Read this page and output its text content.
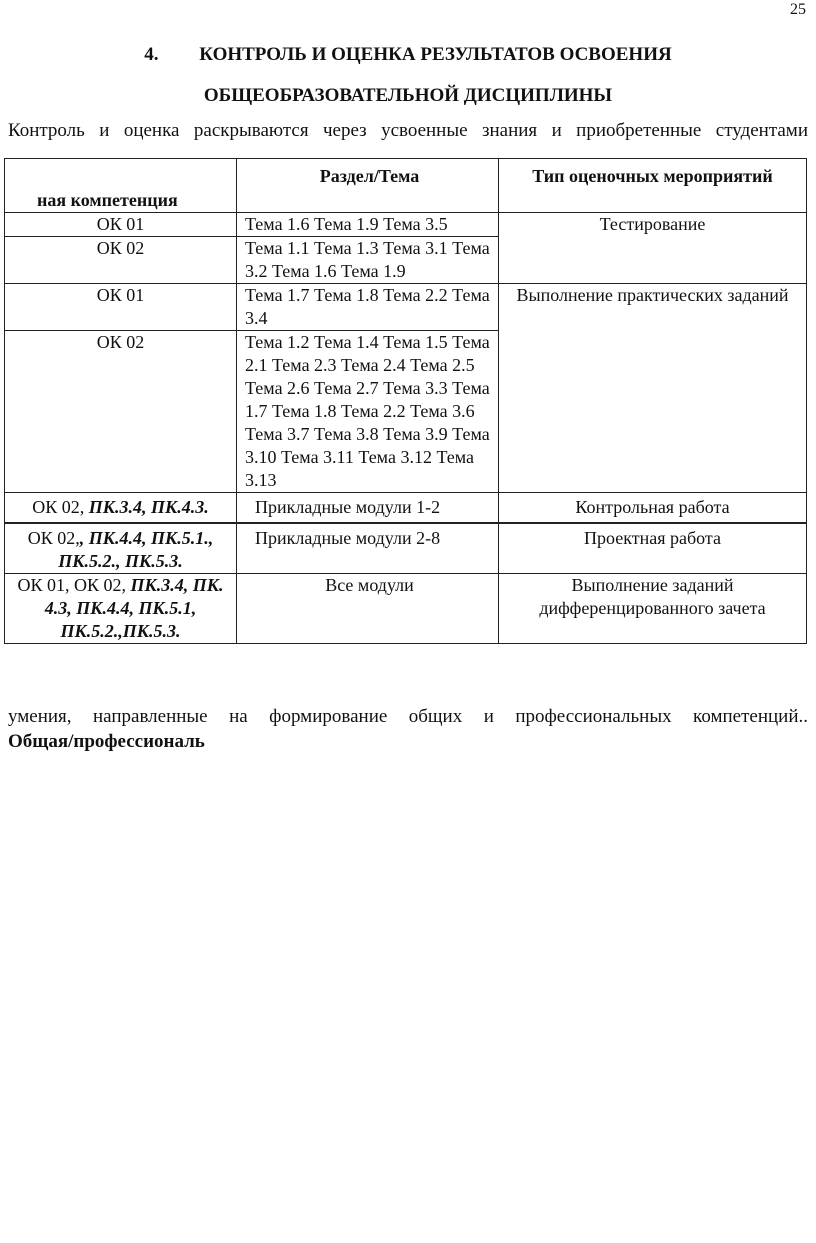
25
4. КОНТРОЛЬ И ОЦЕНКА РЕЗУЛЬТАТОВ ОСВОЕНИЯ
ОБЩЕОБРАЗОВАТЕЛЬНОЙ ДИСЦИПЛИНЫ
Контроль и оценка раскрываются через усвоенные знания и приобретенные студентами
ная компетенция	Раздел/Тема	Тип оценочных мероприятий
ОК 01	Тема 1.6 Тема 1.9 Тема 3.5	Тестирование
ОК 02	Тема 1.1 Тема 1.3 Тема 3.1 Тема 3.2 Тема 1.6 Тема 1.9	
ОК 01	Тема 1.7 Тема 1.8 Тема 2.2 Тема 3.4	Выполнение практических заданий
ОК 02	Тема 1.2 Тема 1.4 Тема 1.5 Тема 2.1 Тема 2.3 Тема 2.4 Тема 2.5 Тема 2.6 Тема 2.7 Тема 3.3 Тема 1.7 Тема 1.8 Тема 2.2 Тема 3.6 Тема 3.7 Тема 3.8 Тема 3.9 Тема 3.10 Тема 3.11 Тема 3.12 Тема 3.13	
ОК 02, ПК.3.4, ПК.4.3.	Прикладные модули 1-2	Контрольная работа
ОК 02,, ПК.4.4, ПК.5.1., ПК.5.2., ПК.5.3.	Прикладные модули 2-8	Проектная работа
ОК 01, ОК 02, ПК.3.4, ПК. 4.3, ПК.4.4, ПК.5.1, ПК.5.2.,ПК.5.3.	Все модули	Выполнение заданий дифференцированного зачета
умения, направленные на формирование общих и профессиональных компетенций..
Общая/профессиональ
